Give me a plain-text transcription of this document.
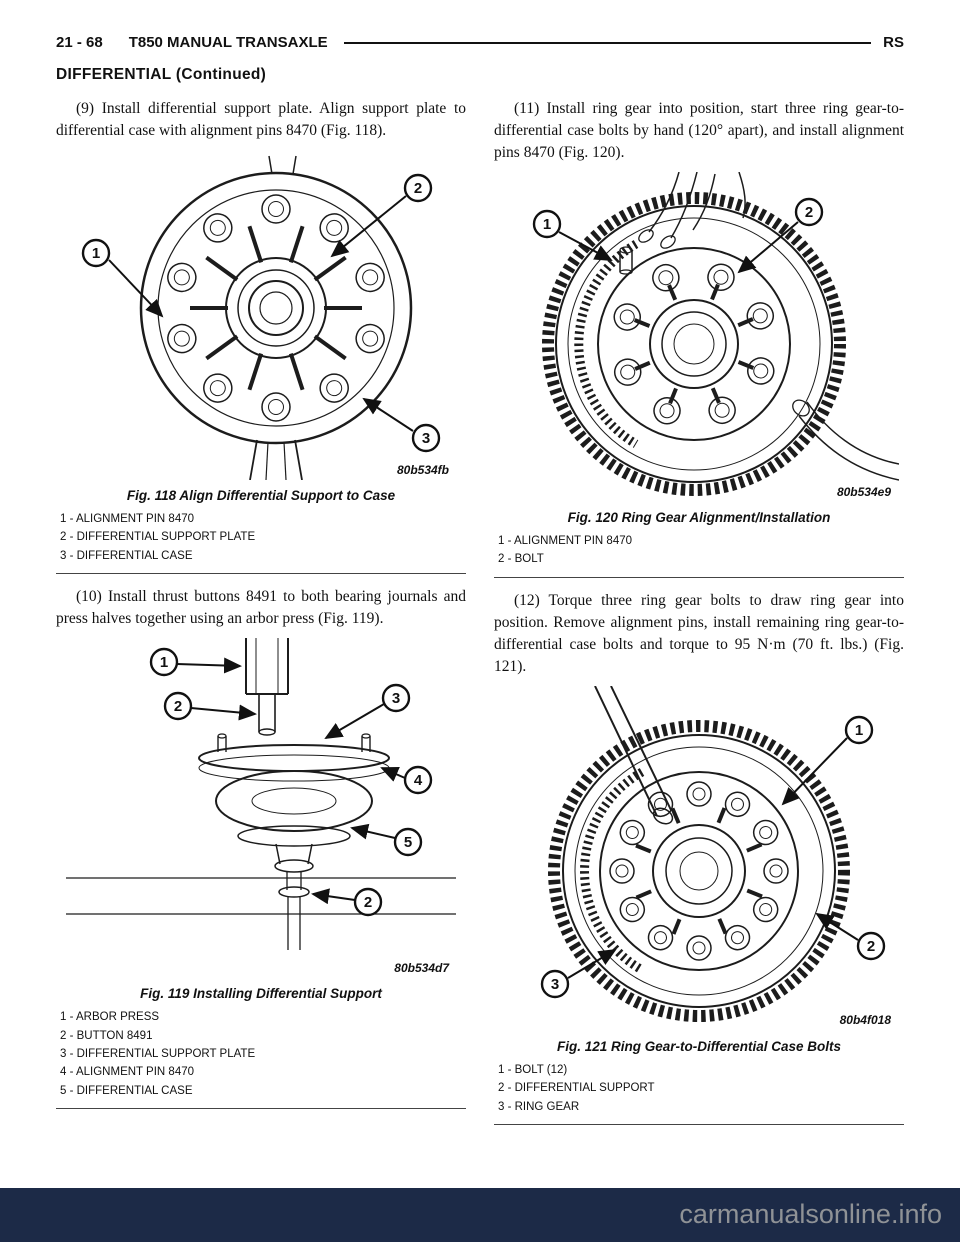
21 - 68 T850 MANUAL TRANSAXLE	RS
DIFFERENTIAL (Continued)

(9) Install differential support plate. Align support plate to differential case with alignment pins 8470 (Fig. 118).

1
2
3
80b534fb
Fig. 118 Align Differential Support to Case
1 - ALIGNMENT PIN 8470
2 - DIFFERENTIAL SUPPORT PLATE
3 - DIFFERENTIAL CASE

(10) Install thrust buttons 8491 to both bearing journals and press halves together using an arbor press (Fig. 119).

1
2	3
4
5
2
80b534d7
Fig. 119 Installing Differential Support
1 - ARBOR PRESS
2 - BUTTON 8491
3 - DIFFERENTIAL SUPPORT PLATE
4 - ALIGNMENT PIN 8470
5 - DIFFERENTIAL CASE

(11) Install ring gear into position, start three ring gear-to-differential case bolts by hand (120° apart), and install alignment pins 8470 (Fig. 120).

1
2
80b534e9
Fig. 120 Ring Gear Alignment/Installation
1 - ALIGNMENT PIN 8470
2 - BOLT

(12) Torque three ring gear bolts to draw ring gear into position. Remove alignment pins, install remaining ring gear-to-differential case bolts and torque to 95 N·m (70 ft. lbs.) (Fig. 121).

1
2
3
80b4f018
Fig. 121 Ring Gear-to-Differential Case Bolts
1 - BOLT (12)
2 - DIFFERENTIAL SUPPORT
3 - RING GEAR
carmanualsonline.info
